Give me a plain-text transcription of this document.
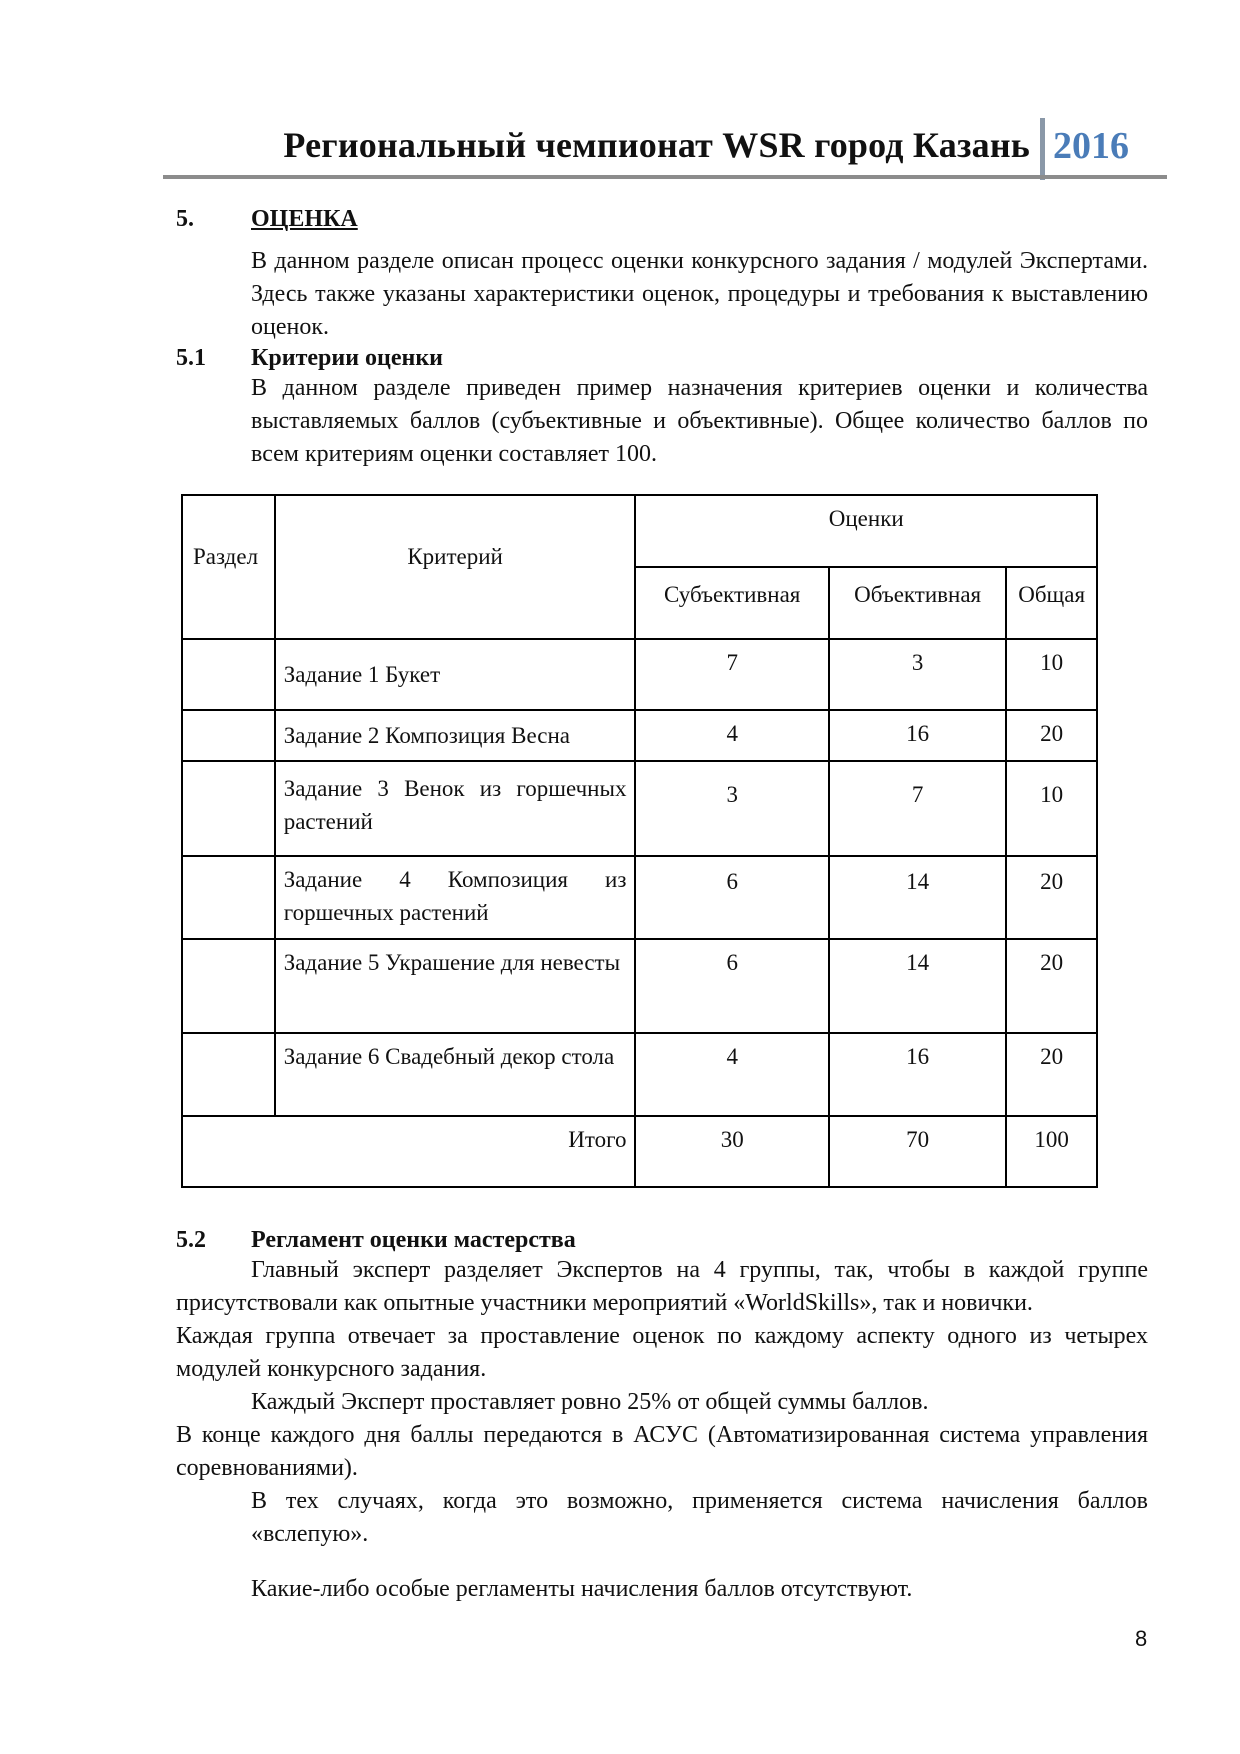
Региональный чемпионат WSR город Казань 2016
5. ОЦЕНКА
В данном разделе описан процесс оценки конкурсного задания / модулей Экспертами. Здесь также указаны характеристики оценок, процедуры и требования к выставлению оценок.
5.1 Критерии оценки
В данном разделе приведен пример назначения критериев оценки и количества выставляемых баллов (субъективные и объективные). Общее количество баллов по всем критериям оценки составляет 100.
Раздел	Критерий	Оценки		
		Субъективная	Объективная	Общая
	Задание 1 Букет	7	3	10
	Задание 2 Композиция Весна	4	16	20
	Задание 3 Венок из горшечных растений	3	7	10
	Задание 4 Композиция из горшечных растений	6	14	20
	Задание 5 Украшение для невесты	6	14	20
	Задание 6 Свадебный декор стола	4	16	20
Итого		30	70	100
5.2 Регламент оценки мастерства
Главный эксперт разделяет Экспертов на 4 группы, так, чтобы в каждой группе присутствовали как опытные участники мероприятий «WorldSkills», так и новички.
Каждая группа отвечает за проставление оценок по каждому аспекту одного из четырех модулей конкурсного задания.
Каждый Эксперт проставляет ровно 25% от общей суммы баллов.
В конце каждого дня баллы передаются в АСУС (Автоматизированная система управления соревнованиями).
В тех случаях, когда это возможно, применяется система начисления баллов «вслепую».
Какие-либо особые регламенты начисления баллов отсутствуют.
8
